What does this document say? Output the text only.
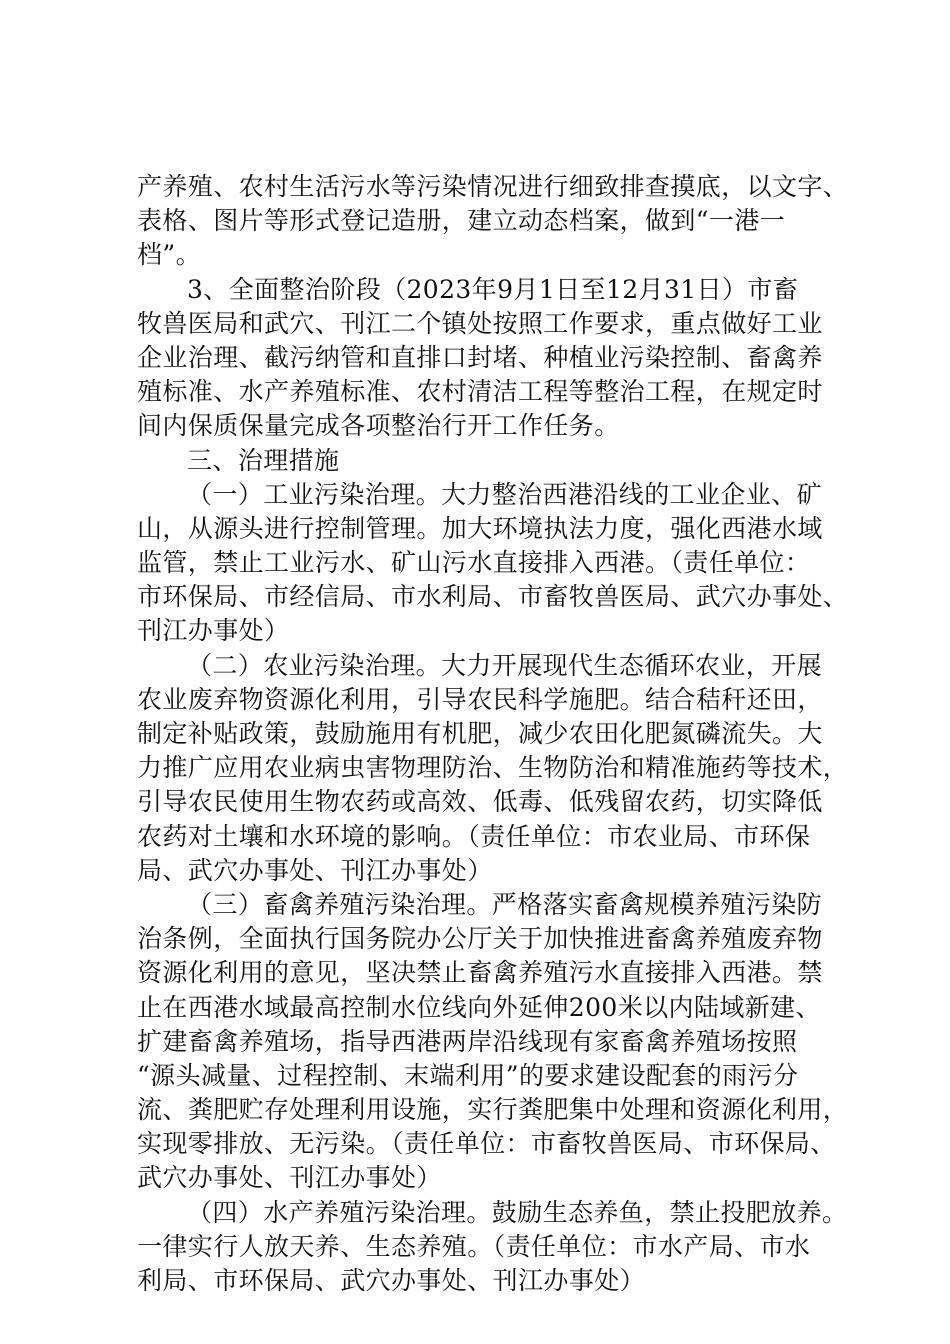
产养殖、农村生活污水等污染情况进行细致排查摸底，以文字、
表格、图片等形式登记造册，建立动态档案，做到“一港一
档”。
3、全面整治阶段（2023年9月1日至12月31日）市畜
牧兽医局和武穴、刊江二个镇处按照工作要求，重点做好工业
企业治理、截污纳管和直排口封堵、种植业污染控制、畜禽养
殖标准、水产养殖标准、农村清洁工程等整治工程，在规定时
间内保质保量完成各项整治行开工作任务。
三、治理措施
（一）工业污染治理。大力整治西港沿线的工业企业、矿
山，从源头进行控制管理。加大环境执法力度，强化西港水域
监管，禁止工业污水、矿山污水直接排入西港。（责任单位：
市环保局、市经信局、市水利局、市畜牧兽医局、武穴办事处、
刊江办事处）
（二）农业污染治理。大力开展现代生态循环农业，开展
农业废弃物资源化利用，引导农民科学施肥。结合秸秆还田，
制定补贴政策，鼓励施用有机肥，减少农田化肥氮磷流失。大
力推广应用农业病虫害物理防治、生物防治和精准施药等技术，
引导农民使用生物农药或高效、低毒、低残留农药，切实降低
农药对土壤和水环境的影响。（责任单位：市农业局、市环保
局、武穴办事处、刊江办事处）
（三）畜禽养殖污染治理。严格落实畜禽规模养殖污染防
治条例，全面执行国务院办公厅关于加快推进畜禽养殖废弃物
资源化利用的意见，坚决禁止畜禽养殖污水直接排入西港。禁
止在西港水域最高控制水位线向外延伸200米以内陆域新建、
扩建畜禽养殖场，指导西港两岸沿线现有家畜禽养殖场按照
“源头减量、过程控制、末端利用”的要求建设配套的雨污分
流、粪肥贮存处理利用设施，实行粪肥集中处理和资源化利用，
实现零排放、无污染。（责任单位：市畜牧兽医局、市环保局、
武穴办事处、刊江办事处）
（四）水产养殖污染治理。鼓励生态养鱼，禁止投肥放养。
一律实行人放天养、生态养殖。（责任单位：市水产局、市水
利局、市环保局、武穴办事处、刊江办事处）
